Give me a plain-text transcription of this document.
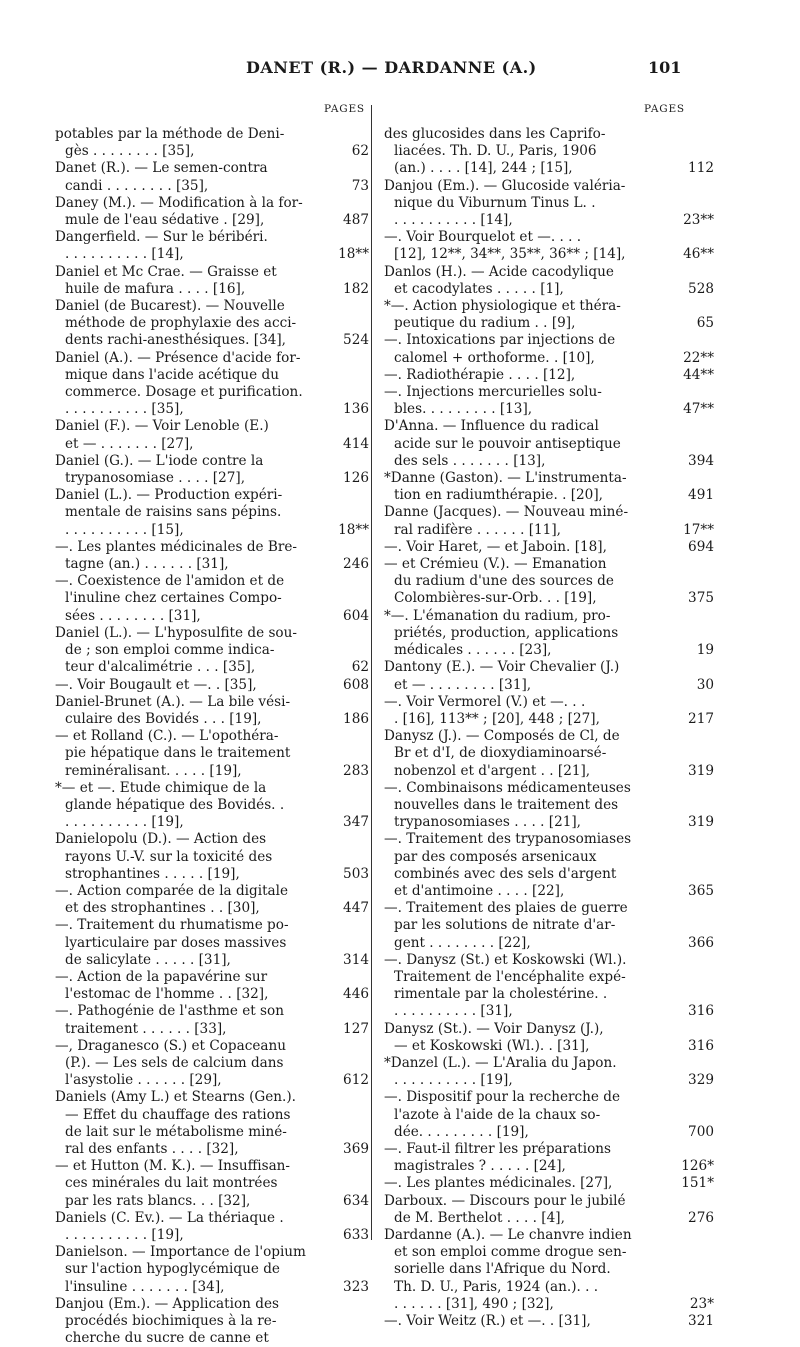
DANET (R.) — DARDANNE (A.)	101
PAGES	PAGES
potables par la méthode de Deni-
gès . . . . . . . . [35],	62
Danet (R.). — Le semen-contra
candi . . . . . . . . [35],	73
Daney (M.). — Modification à la for-
mule de l'eau sédative . [29],	487
Dangerfield. — Sur le béribéri.
. . . . . . . . . . [14],	18**
Daniel et Mc Crae. — Graisse et
huile de mafura . . . . [16],	182
Daniel (de Bucarest). — Nouvelle
méthode de prophylaxie des acci-
dents rachi-anesthésiques. [34],	524
Daniel (A.). — Présence d'acide for-
mique dans l'acide acétique du
commerce. Dosage et purification.
. . . . . . . . . . [35],	136
Daniel (F.). — Voir Lenoble (E.)
et — . . . . . . . [27],	414
Daniel (G.). — L'iode contre la
trypanosomiase . . . . [27],	126
Daniel (L.). — Production expéri-
mentale de raisins sans pépins.
. . . . . . . . . . [15],	18**
—. Les plantes médicinales de Bre-
tagne (an.) . . . . . . [31],	246
—. Coexistence de l'amidon et de
l'inuline chez certaines Compo-
sées . . . . . . . . [31],	604
Daniel (L.). — L'hyposulfite de sou-
de ; son emploi comme indica-
teur d'alcalimétrie . . . [35],	62
—. Voir Bougault et —. . [35],	608
Daniel-Brunet (A.). — La bile vési-
culaire des Bovidés . . . [19],	186
— et Rolland (C.). — L'opothéra-
pie hépatique dans le traitement
reminéralisant. . . . . [19],	283
*— et —. Etude chimique de la
glande hépatique des Bovidés. .
. . . . . . . . . . [19],	347
Danielopolu (D.). — Action des
rayons U.-V. sur la toxicité des
strophantines . . . . . [19],	503
—. Action comparée de la digitale
et des strophantines . . [30],	447
—. Traitement du rhumatisme po-
lyarticulaire par doses massives
de salicylate . . . . . [31],	314
—. Action de la papavérine sur
l'estomac de l'homme . . [32],	446
—. Pathogénie de l'asthme et son
traitement . . . . . . [33],	127
—, Draganesco (S.) et Copaceanu
(P.). — Les sels de calcium dans
l'asystolie . . . . . . [29],	612
Daniels (Amy L.) et Stearns (Gen.).
— Effet du chauffage des rations
de lait sur le métabolisme miné-
ral des enfants . . . . [32],	369
— et Hutton (M. K.). — Insuffisan-
ces minérales du lait montrées
par les rats blancs. . . [32],	634
Daniels (C. Ev.). — La thériaque .
. . . . . . . . . . [19],	633
Danielson. — Importance de l'opium
sur l'action hypoglycémique de
l'insuline . . . . . . . [34],	323
Danjou (Em.). — Application des
procédés biochimiques à la re-
cherche du sucre de canne et
des glucosides dans les Caprifo-
liacées. Th. D. U., Paris, 1906
(an.) . . . . [14], 244 ; [15],	112
Danjou (Em.). — Glucoside valéria-
nique du Viburnum Tinus L. .
. . . . . . . . . . [14],	23**
—. Voir Bourquelot et —. . . .
[12], 12**, 34**, 35**, 36** ; [14],	46**
Danlos (H.). — Acide cacodylique
et cacodylates . . . . . [1],	528
*—. Action physiologique et théra-
peutique du radium . . [9],	65
—. Intoxications par injections de
calomel + orthoforme. . [10],	22**
—. Radiothérapie . . . . [12],	44**
—. Injections mercurielles solu-
bles. . . . . . . . . [13],	47**
D'Anna. — Influence du radical
acide sur le pouvoir antiseptique
des sels . . . . . . . [13],	394
*Danne (Gaston). — L'instrumenta-
tion en radiumthérapie. . [20],	491
Danne (Jacques). — Nouveau miné-
ral radifère . . . . . . [11],	17**
—. Voir Haret, — et Jaboin. [18],	694
— et Crémieu (V.). — Emanation
du radium d'une des sources de
Colombières-sur-Orb. . . [19],	375
*—. L'émanation du radium, pro-
priétés, production, applications
médicales . . . . . . [23],	19
Dantony (E.). — Voir Chevalier (J.)
et — . . . . . . . . [31],	30
—. Voir Vermorel (V.) et —. . .
. [16], 113** ; [20], 448 ; [27],	217
Danysz (J.). — Composés de Cl, de
Br et d'I, de dioxydiaminoarsé-
nobenzol et d'argent . . [21],	319
—. Combinaisons médicamenteuses
nouvelles dans le traitement des
trypanosomiases . . . . [21],	319
—. Traitement des trypanosomiases
par des composés arsenicaux
combinés avec des sels d'argent
et d'antimoine . . . . [22],	365
—. Traitement des plaies de guerre
par les solutions de nitrate d'ar-
gent . . . . . . . . [22],	366
—. Danysz (St.) et Koskowski (Wl.).
Traitement de l'encéphalite expé-
rimentale par la cholestérine. .
. . . . . . . . . . [31],	316
Danysz (St.). — Voir Danysz (J.),
— et Koskowski (Wl.). . [31],	316
*Danzel (L.). — L'Aralia du Japon.
. . . . . . . . . . [19],	329
—. Dispositif pour la recherche de
l'azote à l'aide de la chaux so-
dée. . . . . . . . . [19],	700
—. Faut-il filtrer les préparations
magistrales ? . . . . . [24],	126*
—. Les plantes médicinales. [27],	151*
Darboux. — Discours pour le jubilé
de M. Berthelot . . . . [4],	276
Dardanne (A.). — Le chanvre indien
et son emploi comme drogue sen-
sorielle dans l'Afrique du Nord.
Th. D. U., Paris, 1924 (an.). . .
. . . . . . [31], 490 ; [32],	23*
—. Voir Weitz (R.) et —. . [31],	321
